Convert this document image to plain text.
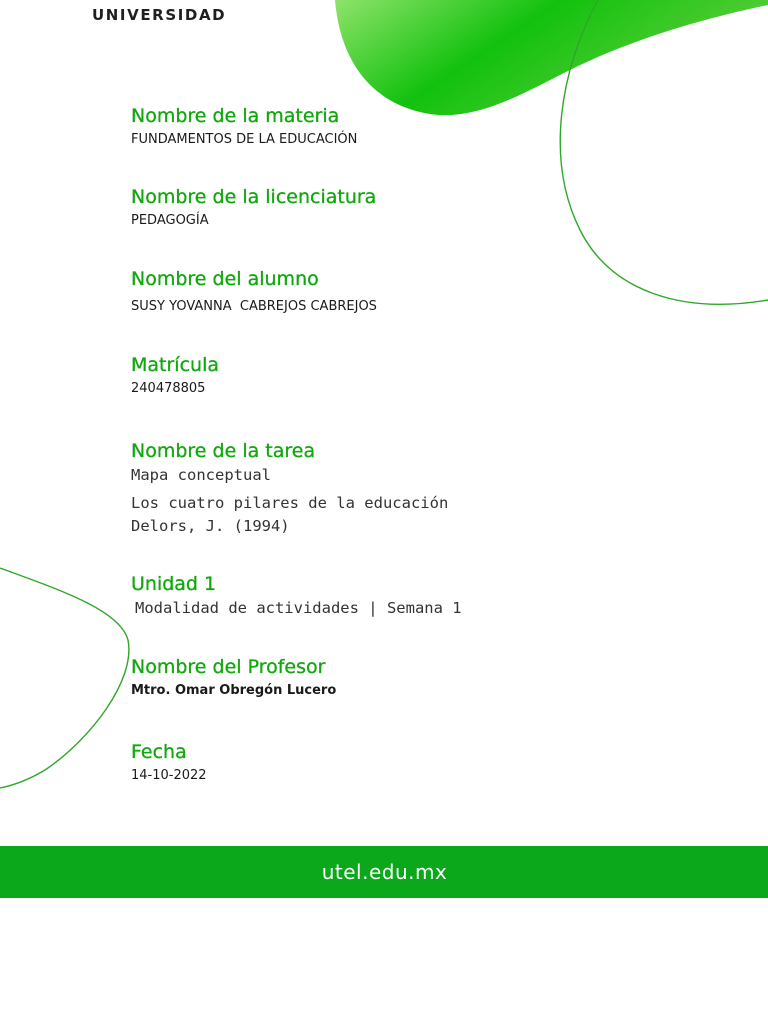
UNIVERSIDAD
Nombre de la materia
FUNDAMENTOS DE LA EDUCACIÓN
Nombre de la licenciatura
PEDAGOGÍA
Nombre del alumno
SUSY YOVANNA  CABREJOS CABREJOS
Matrícula
240478805
Nombre de la tarea
Mapa conceptual
Los cuatro pilares de la educación
Delors, J. (1994)
Unidad 1
Modalidad de actividades | Semana 1
Nombre del Profesor
Mtro. Omar Obregón Lucero
Fecha
14-10-2022
utel.edu.mx
